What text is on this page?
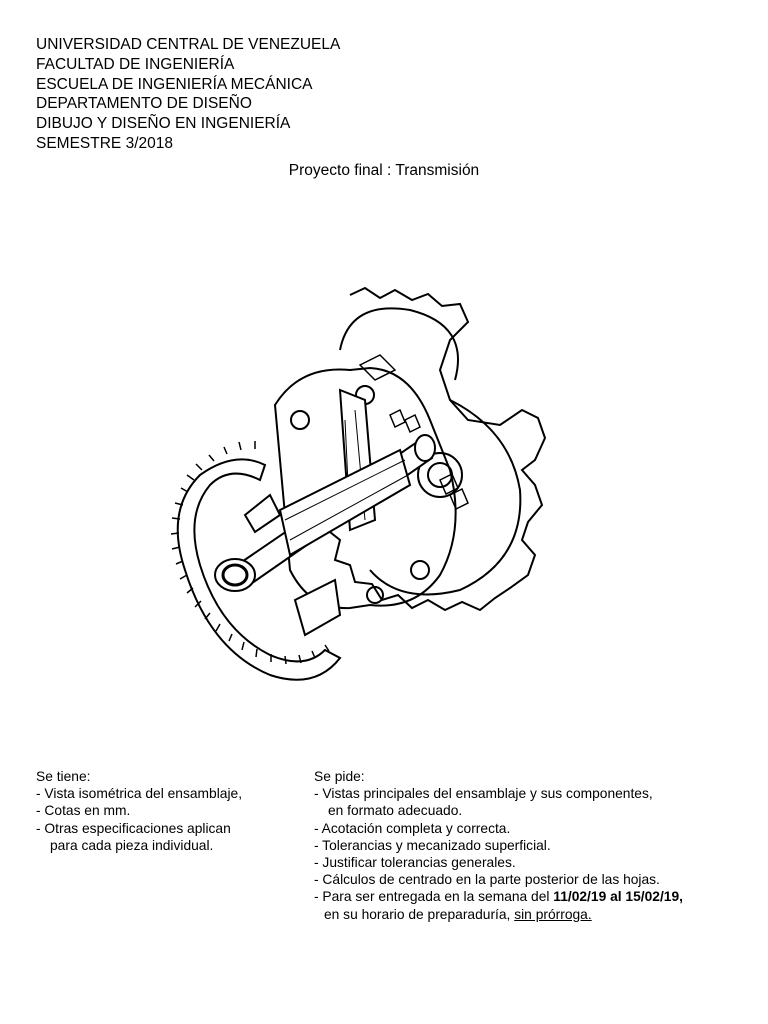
UNIVERSIDAD CENTRAL DE VENEZUELA
FACULTAD DE INGENIERÍA
ESCUELA DE INGENIERÍA MECÁNICA
DEPARTAMENTO DE DISEÑO
DIBUJO Y DISEÑO EN INGENIERÍA
SEMESTRE 3/2018
Proyecto final : Transmisión
Se tiene:
- Vista isométrica del ensamblaje,
- Cotas en mm.
- Otras especificaciones aplican
para cada pieza individual.
Se pide:
- Vistas principales del ensamblaje y sus componentes,
en formato adecuado.
- Acotación completa y correcta.
- Tolerancias y mecanizado superficial.
- Justificar tolerancias generales.
- Cálculos de centrado en la parte posterior de las hojas.
- Para ser entregada en la semana del 11/02/19 al 15/02/19,
en su horario de preparaduría, sin prórroga.
